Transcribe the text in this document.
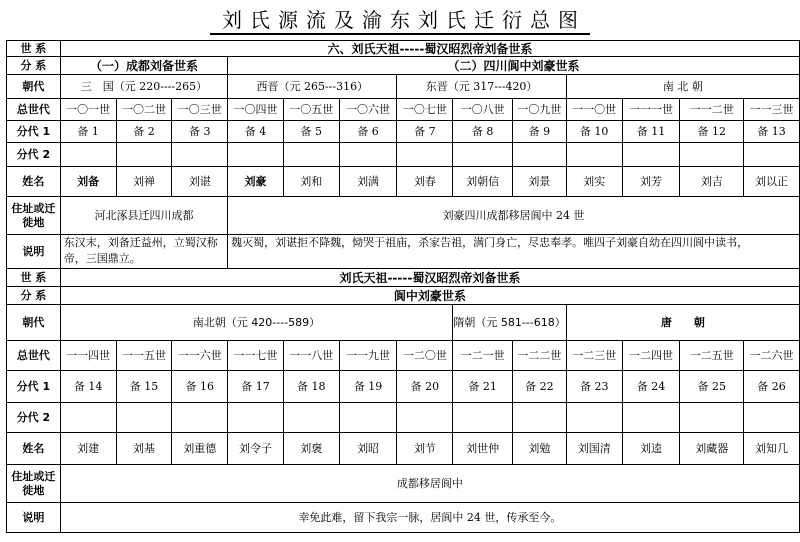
刘氏源流及渝东刘氏迁衍总图
世 系	六、刘氏天祖-----蜀汉昭烈帝刘备世系												
分 系	（一）成都刘备世系			（二）四川阆中刘豪世系									
朝代	三　国（元 220----265）			西晋（元 265---316）			东晋（元 317---420）			南 北 朝			
总世代	一〇一世	一〇二世	一〇三世	一〇四世	一〇五世	一〇六世	一〇七世	一〇八世	一〇九世	一一〇世	一一一世	一一二世	一一三世
分代 1	备 1	备 2	备 3	备 4	备 5	备 6	备 7	备 8	备 9	备 10	备 11	备 12	备 13
分代 2													
姓名	刘备	刘禅	刘谌	刘豪	刘和	刘满	刘春	刘朝信	刘景	刘实	刘芳	刘吉	刘以正
住址或迁徙地	河北涿县迁四川成都			刘豪四川成都移居阆中 24 世									
说明	东汉末，刘备迁益州，立蜀汉称帝，三国鼎立。			魏灭蜀，刘谌拒不降魏，恸哭于祖庙，杀家告祖，满门身亡，尽忠奉孝。唯四子刘豪自幼在四川阆中读书，									
世 系	刘氏天祖-----蜀汉昭烈帝刘备世系												
分 系	阆中刘豪世系												
朝代	南北朝（元 420----589）							隋朝（元 581---618）		唐　　朝			
总世代	一一四世	一一五世	一一六世	一一七世	一一八世	一一九世	一二〇世	一二一世	一二二世	一二三世	一二四世	一二五世	一二六世
分代 1	备 14	备 15	备 16	备 17	备 18	备 19	备 20	备 21	备 22	备 23	备 24	备 25	备 26
分代 2													
姓名	刘建	刘基	刘重德	刘令子	刘褒	刘昭	刘节	刘世仲	刘勉	刘国清	刘逵	刘藏器	刘知几
住址或迁徙地	成都移居阆中												
说明	幸免此难，留下我宗一脉，居阆中 24 世，传承至今。												
